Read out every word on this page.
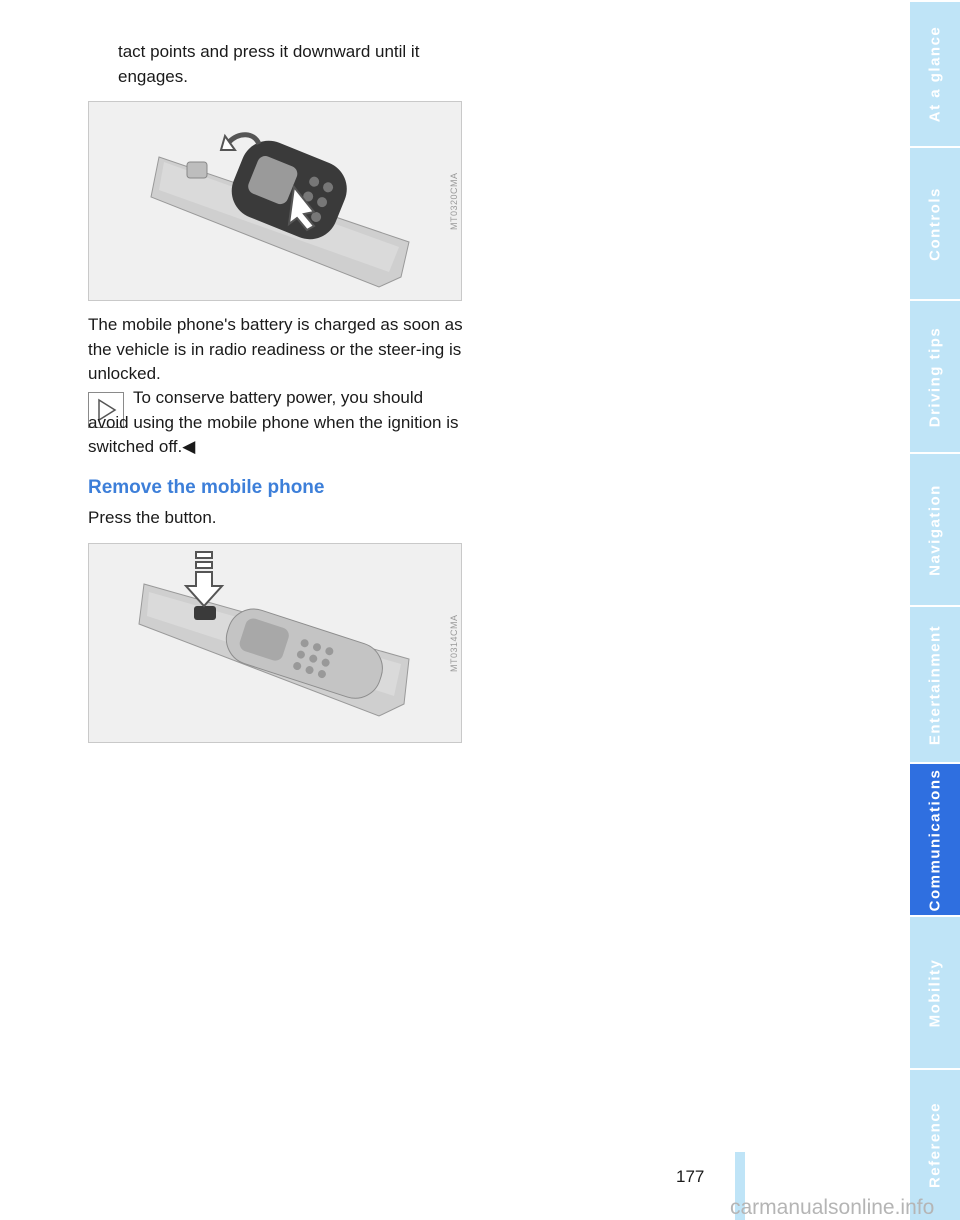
tact points and press it downward until it engages.

MT0320CMA

The mobile phone's battery is charged as soon as the vehicle is in radio readiness or the steer-ing is unlocked.

To conserve battery power, you should avoid using the mobile phone when the ignition is switched off.◀

Remove the mobile phone

Press the button.

MT0314CMA
At a glance
Controls
Driving tips
Navigation
Entertainment
Communications
Mobility
Reference
177
carmanualsonline.info
